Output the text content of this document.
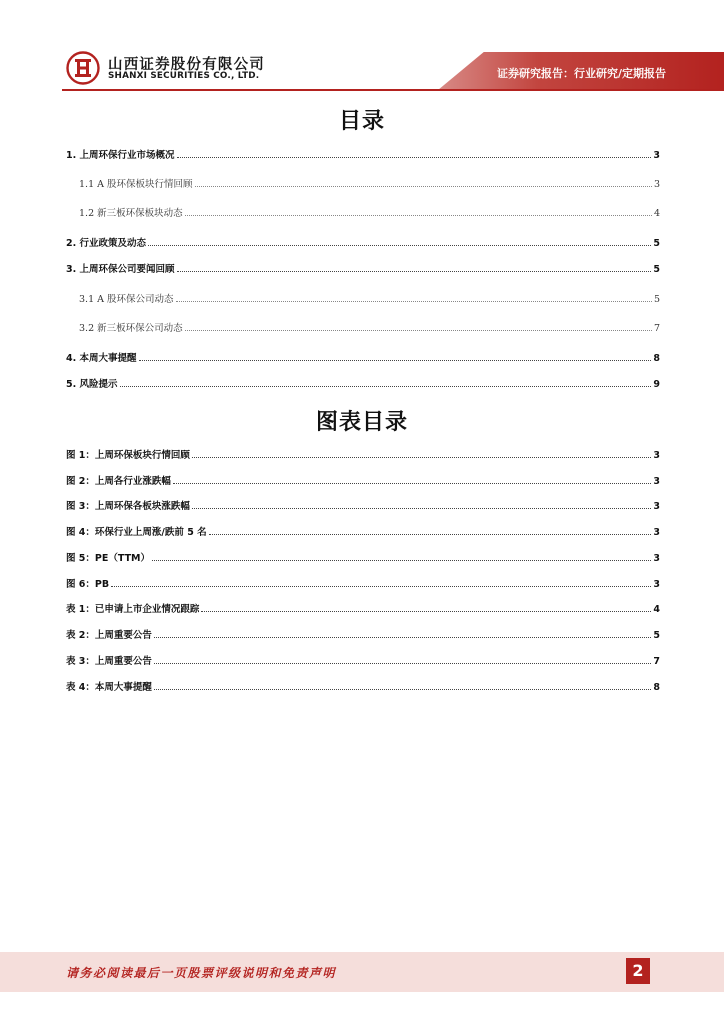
山西证券股份有限公司
SHANXI SECURITIES CO., LTD.	证券研究报告：行业研究/定期报告
目录
1. 上周环保行业市场概况	3
1.1 A 股环保板块行情回顾	3
1.2 新三板环保板块动态	4
2. 行业政策及动态	5
3. 上周环保公司要闻回顾	5
3.1 A 股环保公司动态	5
3.2 新三板环保公司动态	7
4. 本周大事提醒	8
5. 风险提示	9
图表目录
图 1：上周环保板块行情回顾	3
图 2：上周各行业涨跌幅	3
图 3：上周环保各板块涨跌幅	3
图 4：环保行业上周涨/跌前 5 名	3
图 5：PE（TTM）	3
图 6：PB	3
表 1：已申请上市企业情况跟踪	4
表 2：上周重要公告	5
表 3：上周重要公告	7
表 4：本周大事提醒	8
请务必阅读最后一页股票评级说明和免责声明	2
